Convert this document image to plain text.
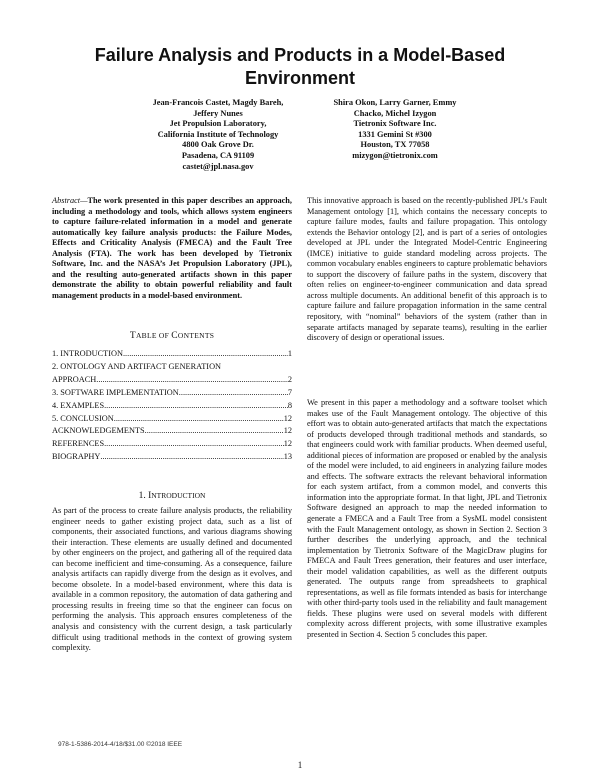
Failure Analysis and Products in a Model-Based Environment
Jean-Francois Castet, Magdy Bareh,
Jeffery Nunes
Jet Propulsion Laboratory,
California Institute of Technology
4800 Oak Grove Dr.
Pasadena, CA 91109
castet@jpl.nasa.gov
Shira Okon, Larry Garner, Emmy
Chacko, Michel Izygon
Tietronix Software Inc.
1331 Gemini St #300
Houston, TX 77058
mizygon@tietronix.com

Abstract—The work presented in this paper describes an approach, including a methodology and tools, which allows system engineers to capture failure-related information in a model and generate automatically key failure analysis products: the Failure Modes, Effects and Criticality Analysis (FMECA) and the Fault Tree Analysis (FTA). The work has been developed by Tietronix Software, Inc. and the NASA’s Jet Propulsion Laboratory (JPL), and the resulting auto-generated artifacts shown in this paper demonstrate the ability to obtain powerful reliability and fault management products in a model-based environment.

TABLE OF CONTENTS
1. INTRODUCTION .....	1
2. ONTOLOGY AND ARTIFACT GENERATION
APPROACH .....	2
3. SOFTWARE IMPLEMENTATION .....	7
4. EXAMPLES .....	8
5. CONCLUSION .....	12
ACKNOWLEDGEMENTS .....	12
REFERENCES .....	12
BIOGRAPHY .....	13
1. INTRODUCTION

As part of the process to create failure analysis products, the reliability engineer needs to gather existing project data, such as a list of components, their associated functions, and various diagrams showing their interaction. These elements are usually defined and documented by other engineers on the project, and gathering all of the required data can become inefficient and time-consuming. As a consequence, failure analysis artifacts can rapidly diverge from the design as it evolves, and become obsolete. In a model-based environment, where this data is available in a common repository, the automation of data gathering and processing results in freeing time so that the engineer can focus on performing the analysis. This approach ensures completeness of the analysis and consistency with the current design, a task particularly difficult using traditional methods in the context of growing system complexity.

This innovative approach is based on the recently-published JPL’s Fault Management ontology [1], which contains the necessary concepts to capture failure modes, faults and failure propagation. This ontology extends the Behavior ontology [2], and is part of a series of ontologies developed at JPL under the Integrated Model-Centric Engineering (IMCE) initiative to guide standard modeling across projects. The common vocabulary enables engineers to capture problematic behaviors to support the discovery of failure paths in the system, discovery that often relies on engineer-to-engineer communication and data spread across multiple documents. An additional benefit of this approach is to capture failure and failure propagation information in the same central repository, with “nominal” behaviors of the system (rather than in separate artifacts managed by separate teams), resulting in the earlier discovery of design or operational issues.

We present in this paper a methodology and a software toolset which makes use of the Fault Management ontology. The objective of this effort was to obtain auto-generated artifacts that match the expectations of products developed through traditional methods and standards, so that engineers could work with familiar products. When deemed useful, additional pieces of information are proposed or enabled by the analysis of the model were included, to aid engineers in analyzing failure modes and effects. The software extracts the relevant behavioral information for each system artifact, from a common model, and converts this information into the appropriate format. In that light, JPL and Tietronix Software designed an approach to map the needed information to generate a FMECA and a Fault Tree from a SysML model consistent with the Fault Management ontology, as shown in Section 2. Section 3 further describes the underlying approach, and the technical implementation by Tietronix Software of the MagicDraw plugins for FMECA and Fault Trees generation, their features and user interface, their model validation capabilities, as well as the different outputs generated. The outputs range from spreadsheets to graphical representations, as well as file formats intended as basis for interchange with other third-party tools used in the reliability and fault management fields. These plugins were used on several models with different complexity across different projects, with some illustrative examples presented in Section 4. Section 5 concludes this paper.

978-1-5386-2014-4/18/$31.00 ©2018 IEEE
1
